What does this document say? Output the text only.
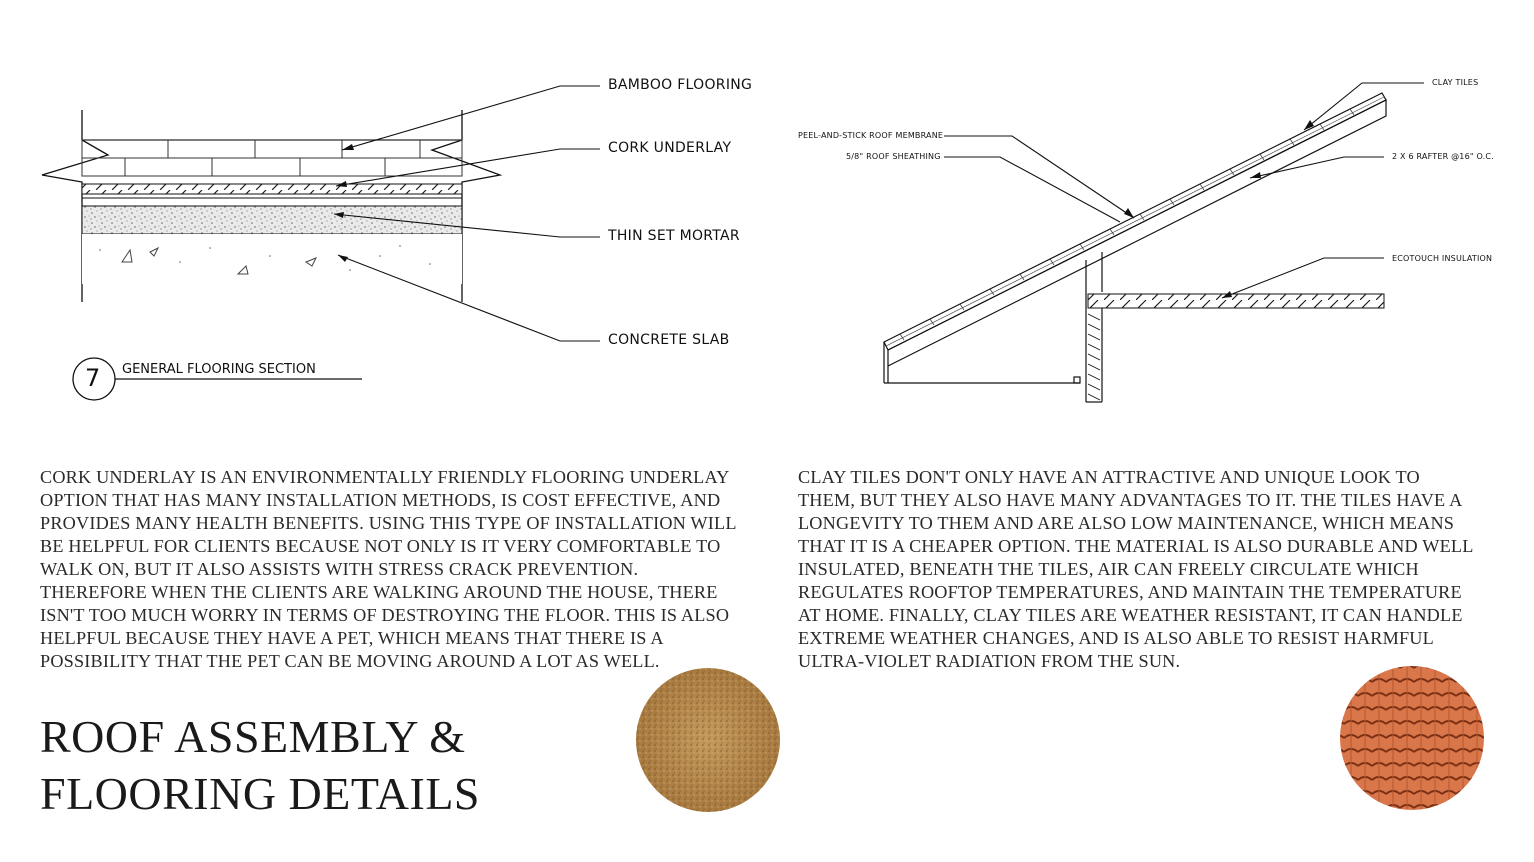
BAMBOO FLOORING
CORK UNDERLAY
THIN SET MORTAR
CONCRETE SLAB
7 GENERAL FLOORING SECTION
CLAY TILES
PEEL-AND-STICK ROOF MEMBRANE
5/8" ROOF SHEATHING	2 X 6 RAFTER @16" O.C.
ECOTOUCH INSULATION
CORK UNDERLAY IS AN ENVIRONMENTALLY FRIENDLY FLOORING UNDERLAY OPTION THAT HAS MANY INSTALLATION METHODS, IS COST EFFECTIVE, AND PROVIDES MANY HEALTH BENEFITS. USING THIS TYPE OF INSTALLATION WILL BE HELPFUL FOR CLIENTS BECAUSE NOT ONLY IS IT VERY COMFORTABLE TO WALK ON, BUT IT ALSO ASSISTS WITH STRESS CRACK PREVENTION. THEREFORE WHEN THE CLIENTS ARE WALKING AROUND THE HOUSE, THERE ISN'T TOO MUCH WORRY IN TERMS OF DESTROYING THE FLOOR. THIS IS ALSO HELPFUL BECAUSE THEY HAVE A PET, WHICH MEANS THAT THERE IS A POSSIBILITY THAT THE PET CAN BE MOVING AROUND A LOT AS WELL.
CLAY TILES DON'T ONLY HAVE AN ATTRACTIVE AND UNIQUE LOOK TO THEM, BUT THEY ALSO HAVE MANY ADVANTAGES TO IT. THE TILES HAVE A LONGEVITY TO THEM AND ARE ALSO LOW MAINTENANCE, WHICH MEANS THAT IT IS A CHEAPER OPTION. THE MATERIAL IS ALSO DURABLE AND WELL INSULATED, BENEATH THE TILES, AIR CAN FREELY CIRCULATE WHICH REGULATES ROOFTOP TEMPERATURES, AND MAINTAIN THE TEMPERATURE AT HOME. FINALLY, CLAY TILES ARE WEATHER RESISTANT, IT CAN HANDLE EXTREME WEATHER CHANGES, AND IS ALSO ABLE TO RESIST HARMFUL ULTRA-VIOLET RADIATION FROM THE SUN.
ROOF ASSEMBLY &
FLOORING DETAILS
